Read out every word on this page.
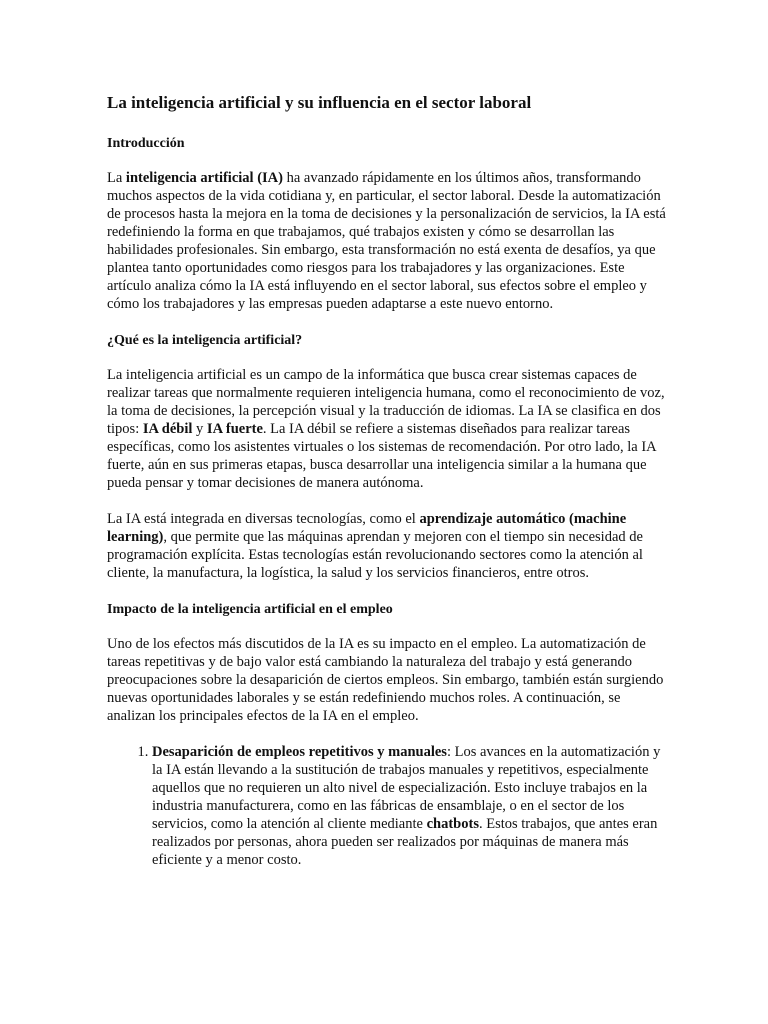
La inteligencia artificial y su influencia en el sector laboral
Introducción

La inteligencia artificial (IA) ha avanzado rápidamente en los últimos años, transformando muchos aspectos de la vida cotidiana y, en particular, el sector laboral. Desde la automatización de procesos hasta la mejora en la toma de decisiones y la personalización de servicios, la IA está redefiniendo la forma en que trabajamos, qué trabajos existen y cómo se desarrollan las habilidades profesionales. Sin embargo, esta transformación no está exenta de desafíos, ya que plantea tanto oportunidades como riesgos para los trabajadores y las organizaciones. Este artículo analiza cómo la IA está influyendo en el sector laboral, sus efectos sobre el empleo y cómo los trabajadores y las empresas pueden adaptarse a este nuevo entorno.

¿Qué es la inteligencia artificial?

La inteligencia artificial es un campo de la informática que busca crear sistemas capaces de realizar tareas que normalmente requieren inteligencia humana, como el reconocimiento de voz, la toma de decisiones, la percepción visual y la traducción de idiomas. La IA se clasifica en dos tipos: IA débil y IA fuerte. La IA débil se refiere a sistemas diseñados para realizar tareas específicas, como los asistentes virtuales o los sistemas de recomendación. Por otro lado, la IA fuerte, aún en sus primeras etapas, busca desarrollar una inteligencia similar a la humana que pueda pensar y tomar decisiones de manera autónoma.

La IA está integrada en diversas tecnologías, como el aprendizaje automático (machine learning), que permite que las máquinas aprendan y mejoren con el tiempo sin necesidad de programación explícita. Estas tecnologías están revolucionando sectores como la atención al cliente, la manufactura, la logística, la salud y los servicios financieros, entre otros.

Impacto de la inteligencia artificial en el empleo

Uno de los efectos más discutidos de la IA es su impacto en el empleo. La automatización de tareas repetitivas y de bajo valor está cambiando la naturaleza del trabajo y está generando preocupaciones sobre la desaparición de ciertos empleos. Sin embargo, también están surgiendo nuevas oportunidades laborales y se están redefiniendo muchos roles. A continuación, se analizan los principales efectos de la IA en el empleo.

1. Desaparición de empleos repetitivos y manuales: Los avances en la automatización y la IA están llevando a la sustitución de trabajos manuales y repetitivos, especialmente aquellos que no requieren un alto nivel de especialización. Esto incluye trabajos en la industria manufacturera, como en las fábricas de ensamblaje, o en el sector de los servicios, como la atención al cliente mediante chatbots. Estos trabajos, que antes eran realizados por personas, ahora pueden ser realizados por máquinas de manera más eficiente y a menor costo.
